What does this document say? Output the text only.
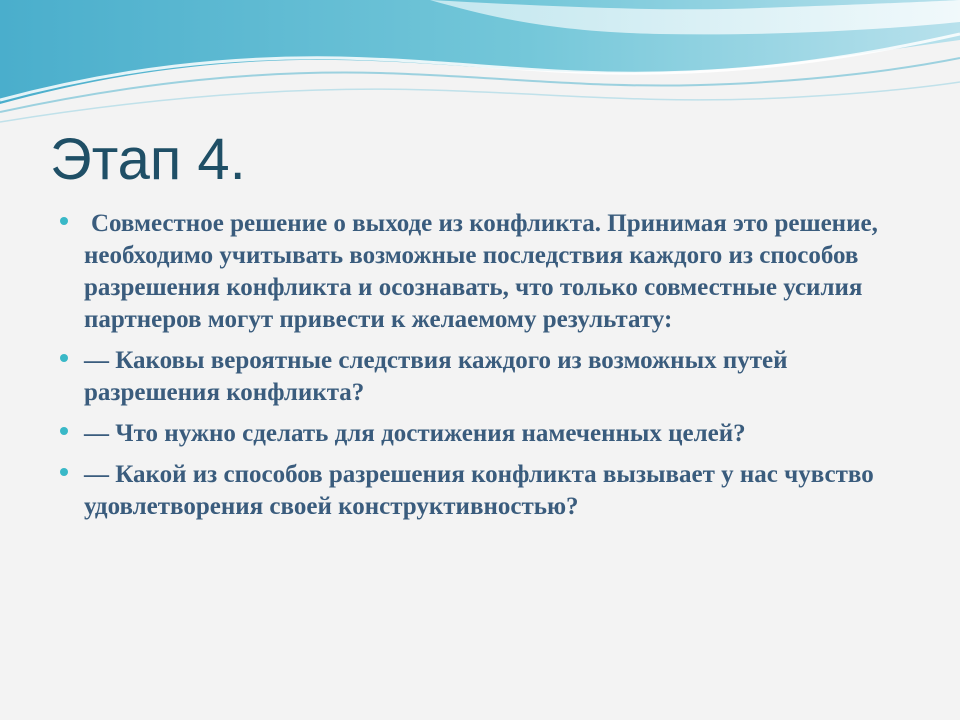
Этап 4.
Совместное решение о выходе из конфликта. Принимая это решение, необходимо учитывать возможные последствия каждого из способов разрешения конфликта и осознавать, что только совместные усилия партнеров могут привести к желаемому результату:
— Каковы вероятные следствия каждого из возможных путей разрешения конфликта?
— Что нужно сделать для достижения намеченных целей?
— Какой из способов разрешения конфликта вызывает у нас чувство удовлетворения своей конструктивностью?
